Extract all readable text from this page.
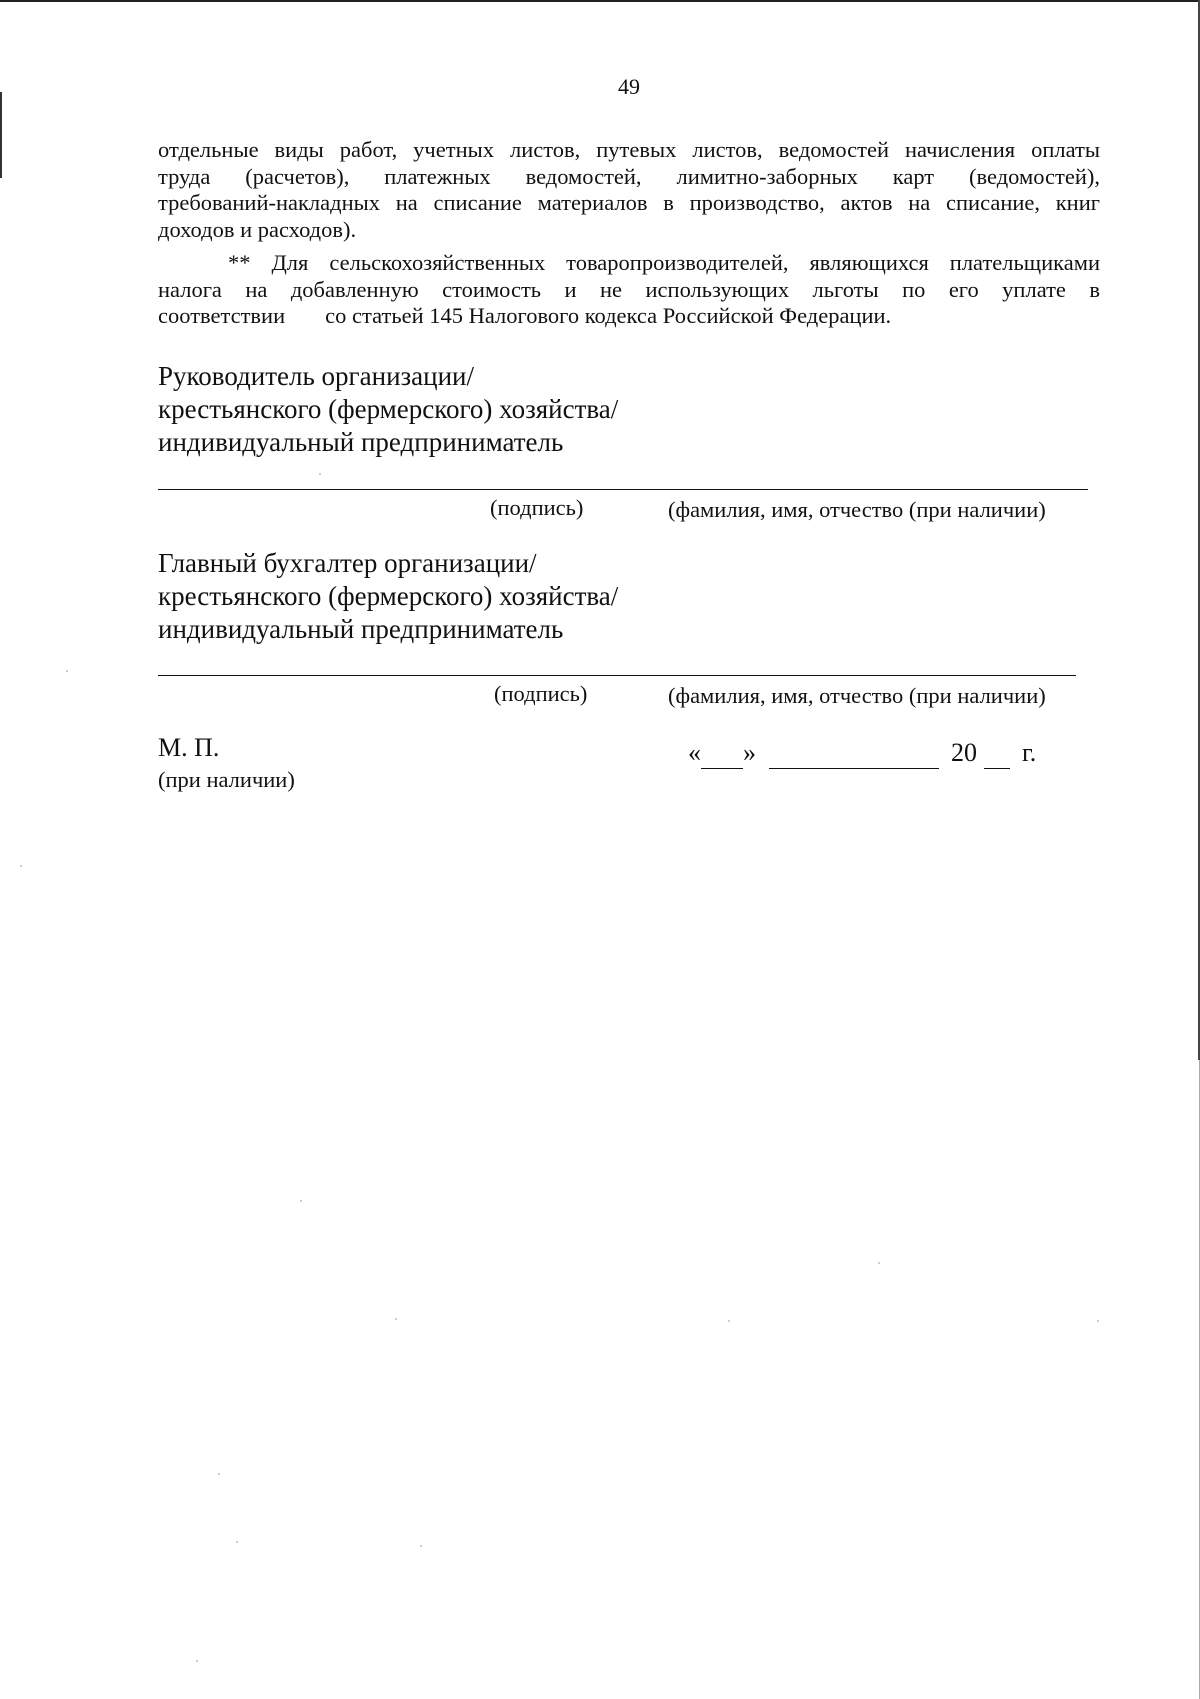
49

отдельные виды работ, учетных листов, путевых листов, ведомостей начисления оплаты
труда (расчетов), платежных ведомостей, лимитно-заборных карт (ведомостей),
требований-накладных на списание материалов в производство, актов на списание, книг
доходов и расходов).

** Для сельскохозяйственных товаропроизводителей, являющихся плательщиками
налога на добавленную стоимость и не использующих льготы по его уплате в
соответствии со статьей 145 Налогового кодекса Российской Федерации.

Руководитель организации/
крестьянского (фермерского) хозяйства/
индивидуальный предприниматель
(подпись)	(фамилия, имя, отчество (при наличии)
Главный бухгалтер организации/
крестьянского (фермерского) хозяйства/
индивидуальный предприниматель
(подпись)	(фамилия, имя, отчество (при наличии)
М. П.
(при наличии)
« »	20 г.
